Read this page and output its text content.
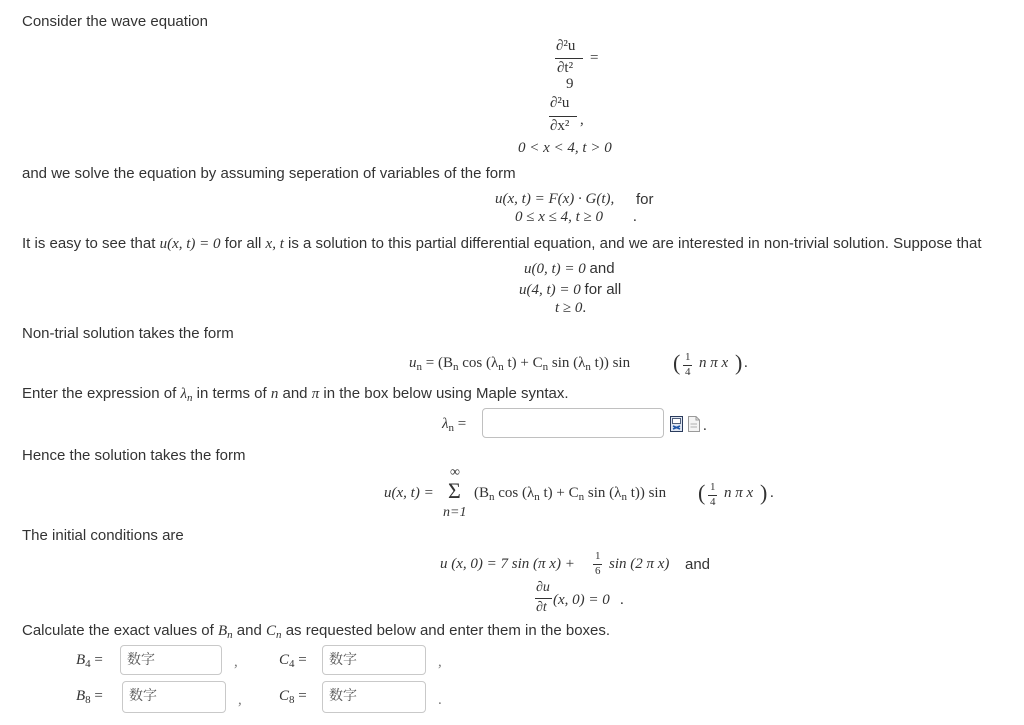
Consider the wave equation
∂²u
∂t²
=
9
∂²u
∂x² ,
0 < x < 4, t > 0
and we solve the equation by assuming seperation of variables of the form
u(x, t) = F(x) · G(t), for
0 ≤ x ≤ 4, t ≥ 0 .
It is easy to see that u(x, t) = 0 for all x, t is a solution to this partial differential equation, and we are interested in non-trivial solution. Suppose that
u(0, t) = 0 and
u(4, t) = 0 for all
t ≥ 0.
Non-trial solution takes the form
$u_n = (B_n$ $\cos (\lambda_n$ $t) + C_n$ $\sin (\lambda_n$ t)) sin ( 1
4
n π x ) .
Enter the expression of $\lambda_n$ in terms of n and π in the box below using Maple syntax.
$\lambda_n$ =	.
Hence the solution takes the form
u(x, t) =
∞
Σ
n=1
($B_n$ $\cos (\lambda_n$ $t) + C_n$ $\sin (\lambda_n$ t)) sin ( 1
4
n π x ) .
The initial conditions are
u (x, 0) = 7 sin (π x) + 1
6 sin (2 π x) and
∂u
∂t (x, 0) = 0 .
Calculate the exact values of $B_n$ and $C_n$ as requested below and enter them in the boxes.
$B_4$ =	数字	,	$C_4$ =	数字	,
$B_8$ =	数字	, $C_8$ =	数字	.
